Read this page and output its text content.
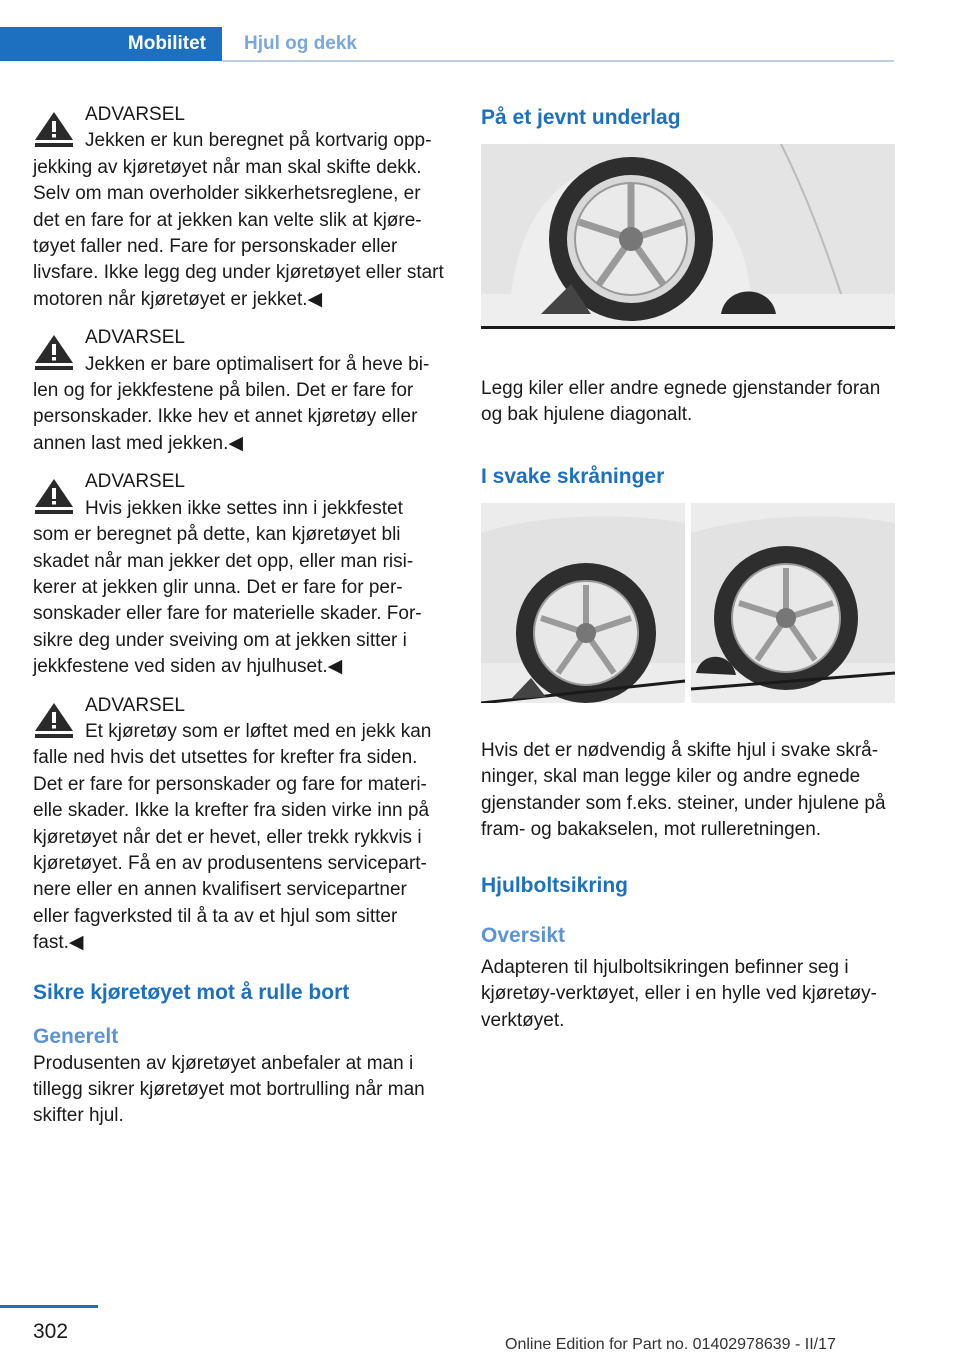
Mobilitet	Hjul og dekk
ADVARSEL
Jekken er kun beregnet på kortvarig opp‐
jekking av kjøretøyet når man skal skifte dekk. Selv om man overholder sikkerhetsreglene, er det en fare for at jekken kan velte slik at kjøre‐tøyet faller ned. Fare for personskader eller livsfare. Ikke legg deg under kjøretøyet eller start motoren når kjøretøyet er jekket.◀
ADVARSEL
Jekken er bare optimalisert for å heve bi‐
len og for jekkfestene på bilen. Det er fare for personskader. Ikke hev et annet kjøretøy eller annen last med jekken.◀
ADVARSEL
Hvis jekken ikke settes inn i jekkfestet
som er beregnet på dette, kan kjøretøyet bli skadet når man jekker det opp, eller man risi‐kerer at jekken glir unna. Det er fare for per‐sonskader eller fare for materielle skader. For‐sikre deg under sveiving om at jekken sitter i jekkfestene ved siden av hjulhuset.◀
ADVARSEL
Et kjøretøy som er løftet med en jekk kan
falle ned hvis det utsettes for krefter fra siden. Det er fare for personskader og fare for materi‐elle skader. Ikke la krefter fra siden virke inn på kjøretøyet når det er hevet, eller trekk rykkvis i kjøretøyet. Få en av produsentens servicepart‐nere eller en annen kvalifisert servicepartner eller fagverksted til å ta av et hjul som sitter fast.◀
Sikre kjøretøyet mot å rulle bort
Generelt

Produsenten av kjøretøyet anbefaler at man i tillegg sikrer kjøretøyet mot bortrulling når man skifter hjul.

På et jevnt underlag

Legg kiler eller andre egnede gjenstander foran og bak hjulene diagonalt.

I svake skråninger

Hvis det er nødvendig å skifte hjul i svake skrå‐ninger, skal man legge kiler og andre egnede gjenstander som f.eks. steiner, under hjulene på fram- og bakakselen, mot rulleretningen.

Hjulboltsikring
Oversikt

Adapteren til hjulboltsikringen befinner seg i kjøretøy-verktøyet, eller i en hylle ved kjøretøy-verktøyet.

302
Online Edition for Part no. 01402978639 - II/17
